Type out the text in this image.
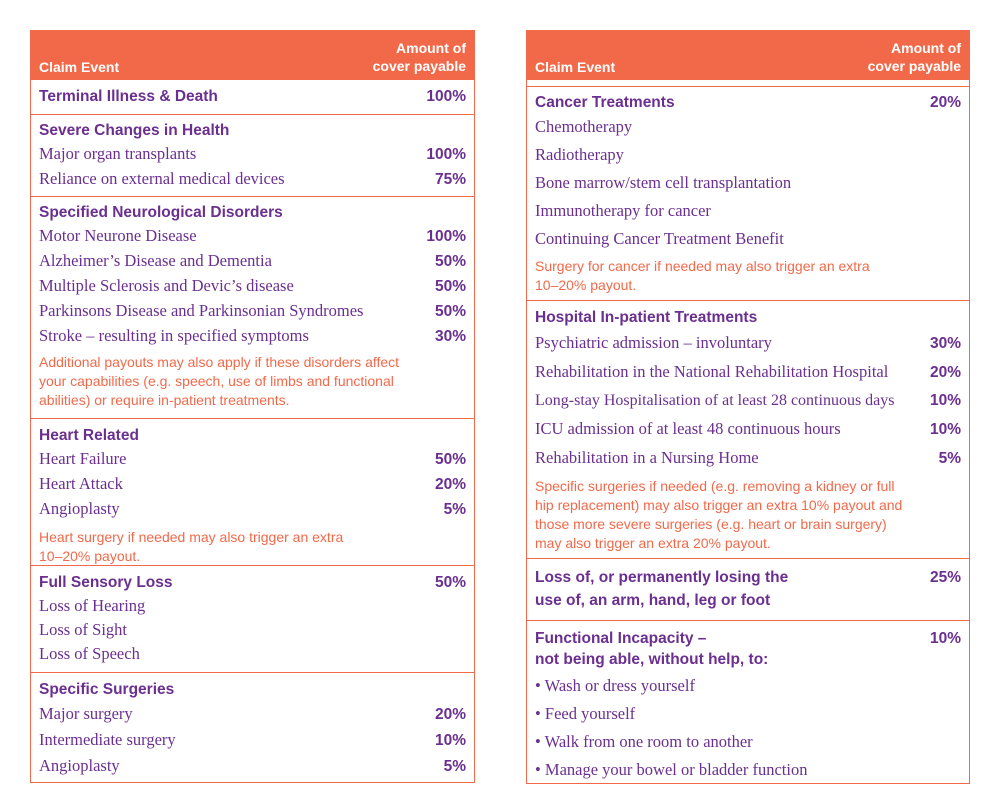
Claim Event
Amount of
cover payable
Terminal Illness & Death	100%
Severe Changes in Health
Major organ transplants	100%
Reliance on external medical devices	75%
Specified Neurological Disorders
Motor Neurone Disease	100%
Alzheimer’s Disease and Dementia	50%
Multiple Sclerosis and Devic’s disease	50%
Parkinsons Disease and Parkinsonian Syndromes	50%
Stroke – resulting in specified symptoms	30%
Additional payouts may also apply if these disorders affect
your capabilities (e.g. speech, use of limbs and functional
abilities) or require in-patient treatments.
Heart Related
Heart Failure	50%
Heart Attack	20%
Angioplasty	5%
Heart surgery if needed may also trigger an extra
10–20% payout.
Full Sensory Loss	50%
Loss of Hearing
Loss of Sight
Loss of Speech
Specific Surgeries
Major surgery	20%
Intermediate surgery	10%
Angioplasty	5%
Claim Event
Amount of
cover payable
Cancer Treatments	20%
Chemotherapy
Radiotherapy
Bone marrow/stem cell transplantation
Immunotherapy for cancer
Continuing Cancer Treatment Benefit
Surgery for cancer if needed may also trigger an extra
10–20% payout.
Hospital In-patient Treatments
Psychiatric admission – involuntary	30%
Rehabilitation in the National Rehabilitation Hospital	20%
Long-stay Hospitalisation of at least 28 continuous days 10%
ICU admission of at least 48 continuous hours	10%
Rehabilitation in a Nursing Home	5%
Specific surgeries if needed (e.g. removing a kidney or full
hip replacement) may also trigger an extra 10% payout and
those more severe surgeries (e.g. heart or brain surgery)
may also trigger an extra 20% payout.
Loss of, or permanently losing the
use of, an arm, hand, leg or foot
25%
Functional Incapacity –
not being able, without help, to:
10%
• Wash or dress yourself
• Feed yourself
• Walk from one room to another
• Manage your bowel or bladder function
